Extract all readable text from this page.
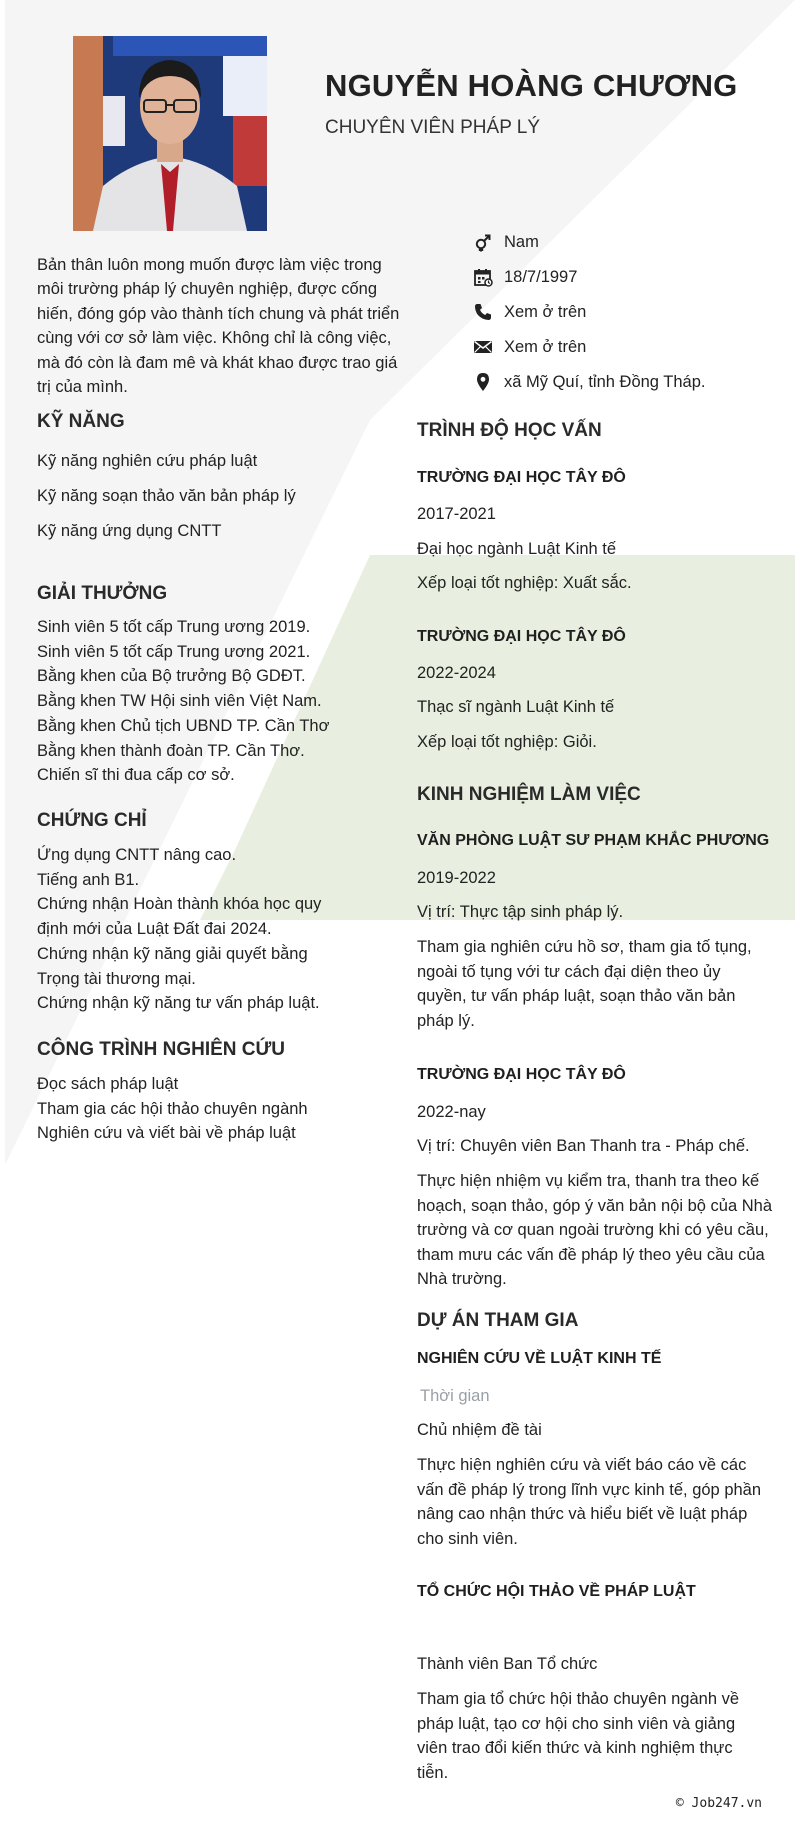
NGUYỄN HOÀNG CHƯƠNG
CHUYÊN VIÊN PHÁP LÝ
Bản thân luôn mong muốn được làm việc trong môi trường pháp lý chuyên nghiệp, được cống hiến, đóng góp vào thành tích chung và phát triển cùng với cơ sở làm việc. Không chỉ là công việc, mà đó còn là đam mê và khát khao được trao giá trị của mình.
Nam
18/7/1997
Xem ở trên
Xem ở trên
xã Mỹ Quí, tỉnh Đồng Tháp.
KỸ NĂNG
Kỹ năng nghiên cứu pháp luật
Kỹ năng soạn thảo văn bản pháp lý
Kỹ năng ứng dụng CNTT
GIẢI THƯỞNG
Sinh viên 5 tốt cấp Trung ương 2019.
Sinh viên 5 tốt cấp Trung ương 2021.
Bằng khen của Bộ trưởng Bộ GDĐT.
Bằng khen TW Hội sinh viên Việt Nam.
Bằng khen Chủ tịch UBND TP. Cần Thơ
Bằng khen thành đoàn TP. Cần Thơ.
Chiến sĩ thi đua cấp cơ sở.
CHỨNG CHỈ
Ứng dụng CNTT nâng cao.
Tiếng anh B1.
Chứng nhận Hoàn thành khóa học quy
định mới của Luật Đất đai 2024.
Chứng nhận kỹ năng giải quyết bằng
Trọng tài thương mại.
Chứng nhận kỹ năng tư vấn pháp luật.
CÔNG TRÌNH NGHIÊN CỨU
Đọc sách pháp luật
Tham gia các hội thảo chuyên ngành
Nghiên cứu và viết bài về pháp luật
TRÌNH ĐỘ HỌC VẤN
TRƯỜNG ĐẠI HỌC TÂY ĐÔ
2017-2021
Đại học ngành Luật Kinh tế
Xếp loại tốt nghiệp: Xuất sắc.
TRƯỜNG ĐẠI HỌC TÂY ĐÔ
2022-2024
Thạc sĩ ngành Luật Kinh tế
Xếp loại tốt nghiệp: Giỏi.
KINH NGHIỆM LÀM VIỆC
VĂN PHÒNG LUẬT SƯ PHẠM KHẮC PHƯƠNG
2019-2022
Vị trí: Thực tập sinh pháp lý.
Tham gia nghiên cứu hồ sơ, tham gia tố tụng, ngoài tố tụng với tư cách đại diện theo ủy quyền, tư vấn pháp luật, soạn thảo văn bản pháp lý.
TRƯỜNG ĐẠI HỌC TÂY ĐÔ
2022-nay
Vị trí: Chuyên viên Ban Thanh tra - Pháp chế.
Thực hiện nhiệm vụ kiểm tra, thanh tra theo kế hoạch, soạn thảo, góp ý văn bản nội bộ của Nhà trường và cơ quan ngoài trường khi có yêu cầu, tham mưu các vấn đề pháp lý theo yêu cầu của Nhà trường.
DỰ ÁN THAM GIA
NGHIÊN CỨU VỀ LUẬT KINH TẾ
Thời gian
Chủ nhiệm đề tài
Thực hiện nghiên cứu và viết báo cáo về các vấn đề pháp lý trong lĩnh vực kinh tế, góp phần nâng cao nhận thức và hiểu biết về luật pháp cho sinh viên.
TỔ CHỨC HỘI THẢO VỀ PHÁP LUẬT
Thành viên Ban Tổ chức
Tham gia tổ chức hội thảo chuyên ngành về pháp luật, tạo cơ hội cho sinh viên và giảng viên trao đổi kiến thức và kinh nghiệm thực tiễn.
© Job247.vn
